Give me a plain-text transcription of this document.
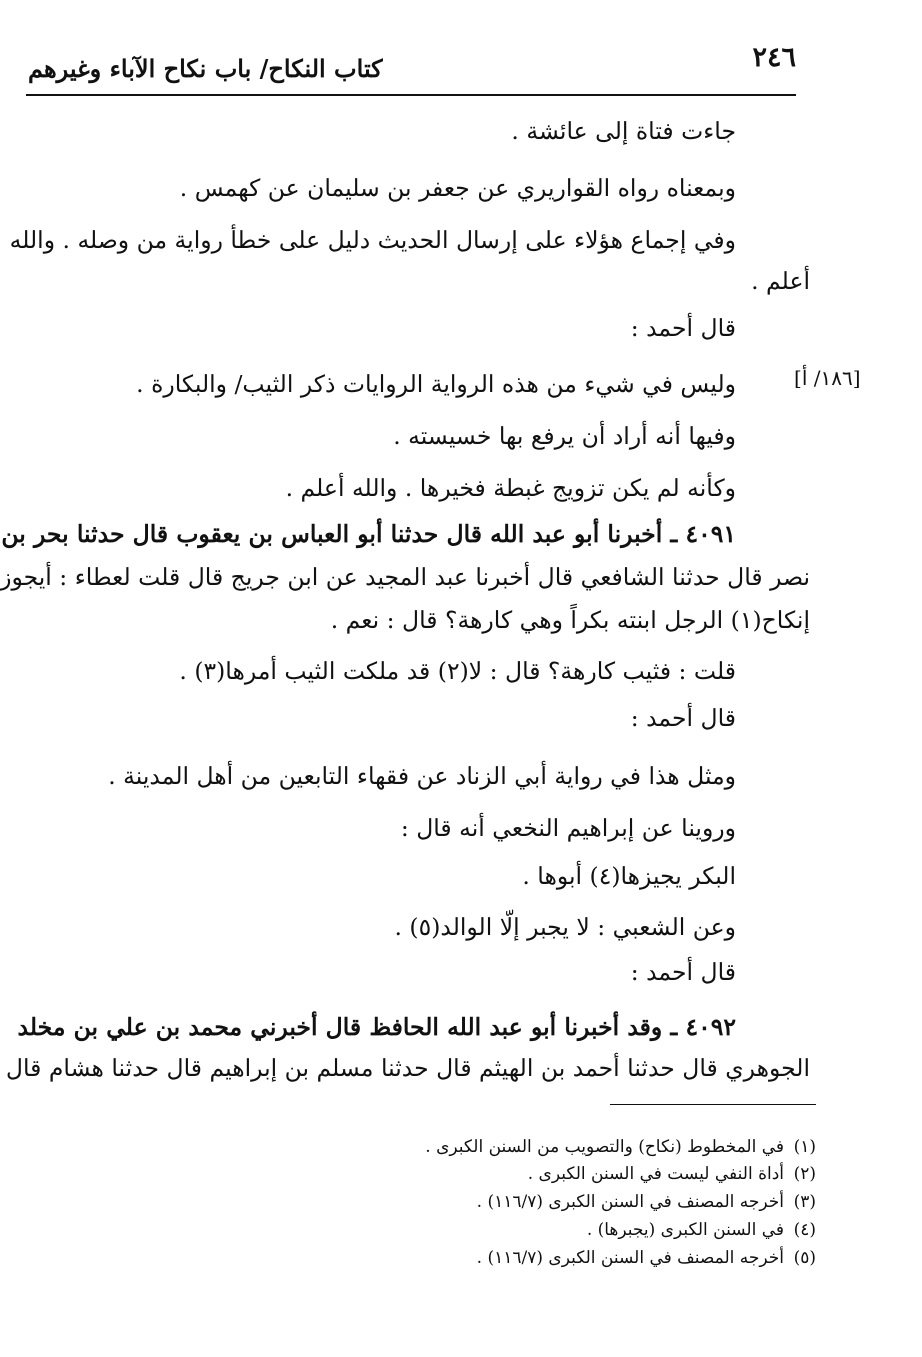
٢٤٦
كتاب النكاح/ باب نكاح الآباء وغيرهم
[١٨٦/ أ]
جاءت فتاة إلى عائشة .
وبمعناه رواه القواريري عن جعفر بن سليمان عن كهمس .
وفي إجماع هؤلاء على إرسال الحديث دليل على خطأ رواية من وصله . والله
أعلم .
قال أحمد :
وليس في شيء من هذه الرواية الروايات ذكر الثيب/ والبكارة .
وفيها أنه أراد أن يرفع بها خسيسته .
وكأنه لم يكن تزويج غبطة فخيرها . والله أعلم .
٤٠٩١ ـ أخبرنا أبو عبد الله قال حدثنا أبو العباس بن يعقوب قال حدثنا بحر بن
نصر قال حدثنا الشافعي قال أخبرنا عبد المجيد عن ابن جريج قال قلت لعطاء : أيجوز
إنكاح(١) الرجل ابنته بكراً وهي كارهة؟ قال : نعم .
قلت : فثيب كارهة؟ قال : لا(٢) قد ملكت الثيب أمرها(٣) .
قال أحمد :
ومثل هذا في رواية أبي الزناد عن فقهاء التابعين من أهل المدينة .
وروينا عن إبراهيم النخعي أنه قال :
البكر يجيزها(٤) أبوها .
وعن الشعبي : لا يجبر إلّا الوالد(٥) .
قال أحمد :
٤٠٩٢ ـ وقد أخبرنا أبو عبد الله الحافظ قال أخبرني محمد بن علي بن مخلد
الجوهري قال حدثنا أحمد بن الهيثم قال حدثنا مسلم بن إبراهيم قال حدثنا هشام قال
(١)في المخطوط (نكاح) والتصويب من السنن الكبرى .
(٢)أداة النفي ليست في السنن الكبرى .
(٣)أخرجه المصنف في السنن الكبرى (١١٦/٧) .
(٤)في السنن الكبرى (يجبرها) .
(٥)أخرجه المصنف في السنن الكبرى (١١٦/٧) .
